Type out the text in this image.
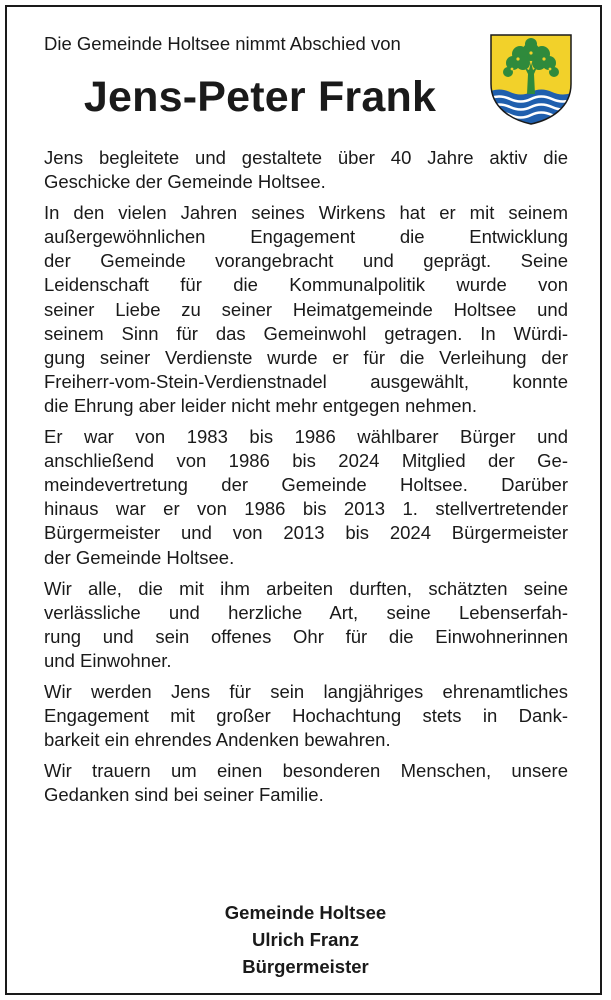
Die Gemeinde Holtsee nimmt Abschied von
Jens-Peter Frank
Jens begleitete und gestaltete über 40 Jahre aktiv die
Geschicke der Gemeinde Holtsee.
In den vielen Jahren seines Wirkens hat er mit seinem
außergewöhnlichen Engagement die Entwicklung
der Gemeinde vorangebracht und geprägt. Seine
Leidenschaft für die Kommunalpolitik wurde von
seiner Liebe zu seiner Heimatgemeinde Holtsee und
seinem Sinn für das Gemeinwohl getragen. In Würdi-
gung seiner Verdienste wurde er für die Verleihung der
Freiherr-vom-Stein-Verdienstnadel ausgewählt, konnte
die Ehrung aber leider nicht mehr entgegen nehmen.
Er war von 1983 bis 1986 wählbarer Bürger und
anschließend von 1986 bis 2024 Mitglied der Ge-
meindevertretung der Gemeinde Holtsee. Darüber
hinaus war er von 1986 bis 2013 1. stellvertretender
Bürgermeister und von 2013 bis 2024 Bürgermeister
der Gemeinde Holtsee.
Wir alle, die mit ihm arbeiten durften, schätzten seine
verlässliche und herzliche Art, seine Lebenserfah-
rung und sein offenes Ohr für die Einwohnerinnen
und Einwohner.
Wir werden Jens für sein langjähriges ehrenamtliches
Engagement mit großer Hochachtung stets in Dank-
barkeit ein ehrendes Andenken bewahren.
Wir trauern um einen besonderen Menschen, unsere
Gedanken sind bei seiner Familie.
Gemeinde Holtsee
Ulrich Franz
Bürgermeister
